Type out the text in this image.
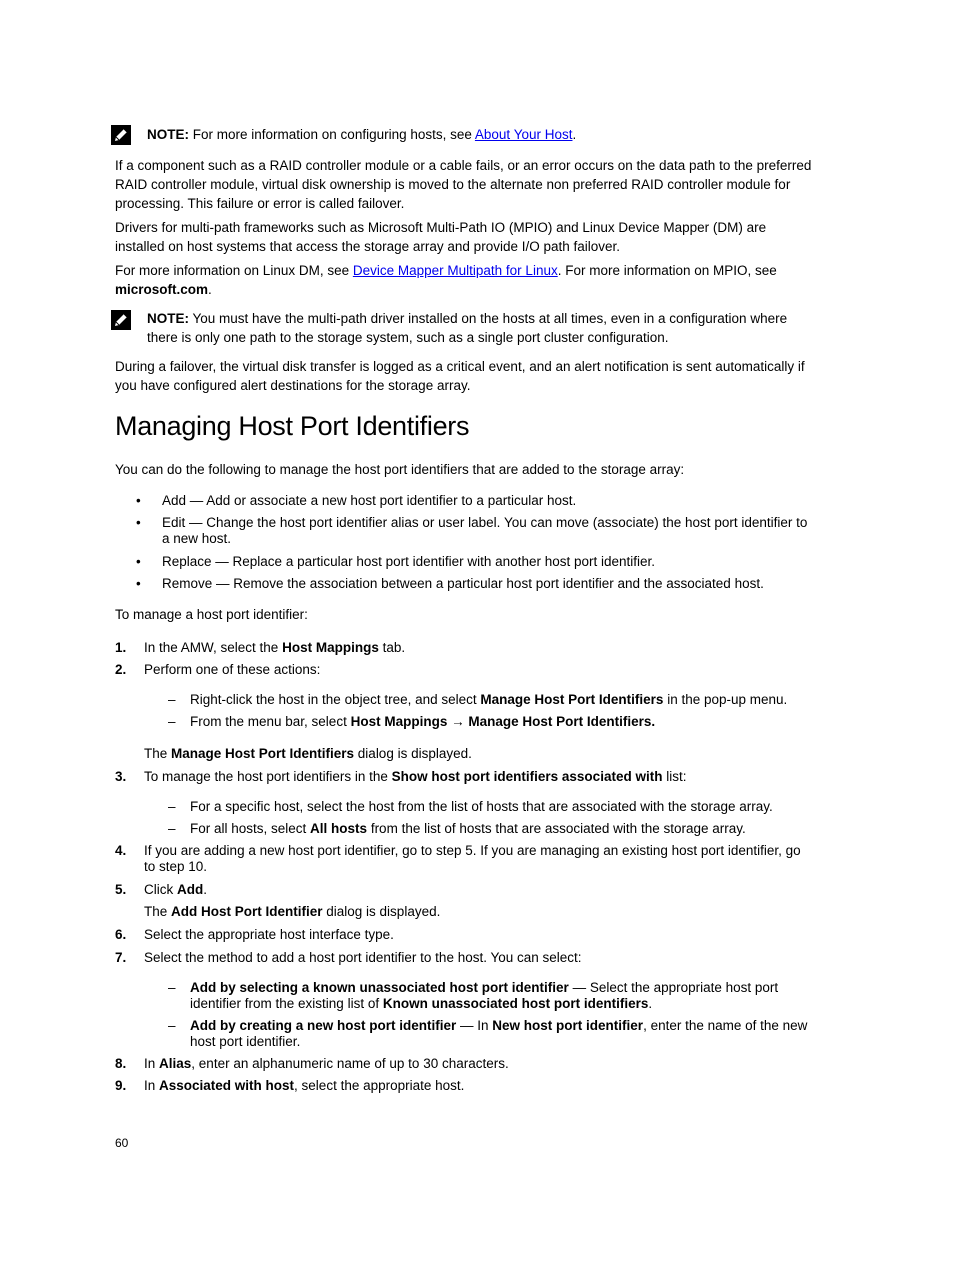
NOTE: For more information on configuring hosts, see About Your Host.

If a component such as a RAID controller module or a cable fails, or an error occurs on the data path to the preferred RAID controller module, virtual disk ownership is moved to the alternate non preferred RAID controller module for processing. This failure or error is called failover.

Drivers for multi-path frameworks such as Microsoft Multi-Path IO (MPIO) and Linux Device Mapper (DM) are installed on host systems that access the storage array and provide I/O path failover.

For more information on Linux DM, see Device Mapper Multipath for Linux. For more information on MPIO, see microsoft.com.

NOTE: You must have the multi-path driver installed on the hosts at all times, even in a configuration where there is only one path to the storage system, such as a single port cluster configuration.

During a failover, the virtual disk transfer is logged as a critical event, and an alert notification is sent automatically if you have configured alert destinations for the storage array.

Managing Host Port Identifiers

You can do the following to manage the host port identifiers that are added to the storage array:

• Add — Add or associate a new host port identifier to a particular host.

• Edit — Change the host port identifier alias or user label. You can move (associate) the host port identifier to a new host.

• Replace — Replace a particular host port identifier with another host port identifier.

• Remove — Remove the association between a particular host port identifier and the associated host.

To manage a host port identifier:

1. In the AMW, select the Host Mappings tab.

2. Perform one of these actions:

– Right-click the host in the object tree, and select Manage Host Port Identifiers in the pop-up menu.

– From the menu bar, select Host Mappings → Manage Host Port Identifiers.

The Manage Host Port Identifiers dialog is displayed.

3. To manage the host port identifiers in the Show host port identifiers associated with list:

– For a specific host, select the host from the list of hosts that are associated with the storage array.

– For all hosts, select All hosts from the list of hosts that are associated with the storage array.

4. If you are adding a new host port identifier, go to step 5. If you are managing an existing host port identifier, go to step 10.

5. Click Add.

The Add Host Port Identifier dialog is displayed.

6. Select the appropriate host interface type.

7. Select the method to add a host port identifier to the host. You can select:

– Add by selecting a known unassociated host port identifier — Select the appropriate host port identifier from the existing list of Known unassociated host port identifiers.

– Add by creating a new host port identifier — In New host port identifier, enter the name of the new host port identifier.

8. In Alias, enter an alphanumeric name of up to 30 characters.

9. In Associated with host, select the appropriate host.

60
